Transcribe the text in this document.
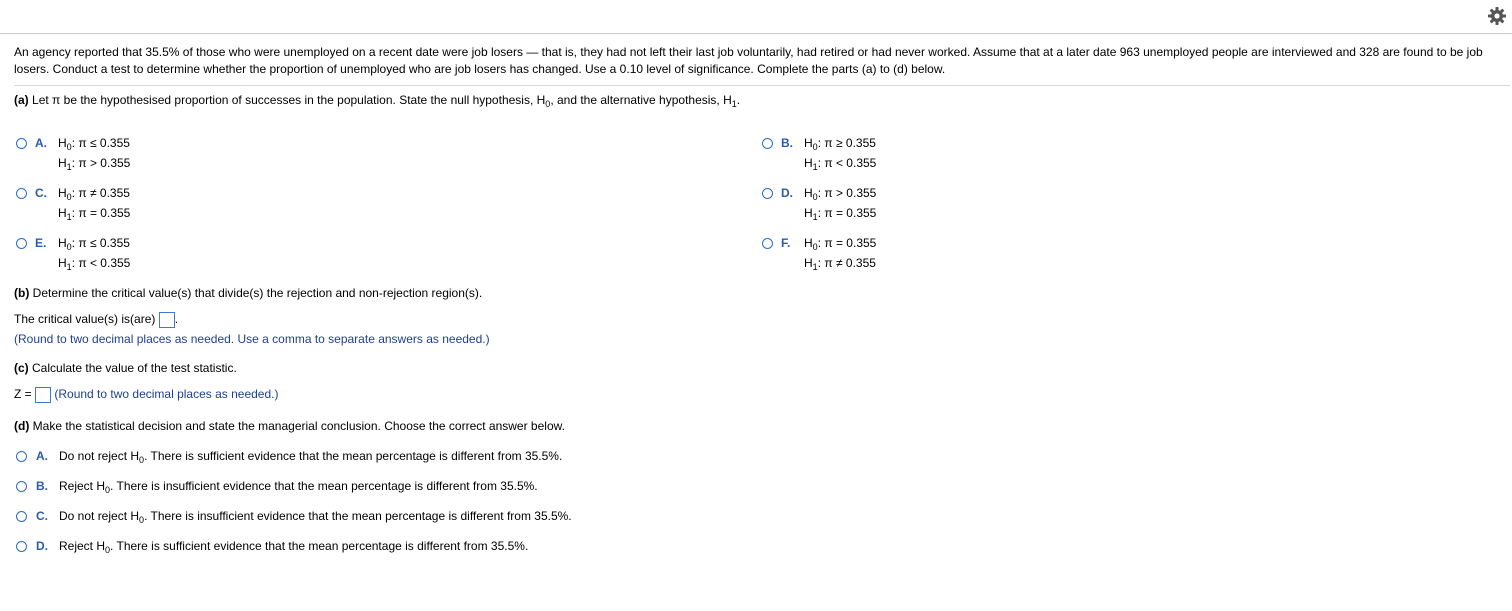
An agency reported that 35.5% of those who were unemployed on a recent date were job losers — that is, they had not left their last job voluntarily, had retired or had never worked. Assume that at a later date 963 unemployed people are interviewed and 328 are found to be job losers. Conduct a test to determine whether the proportion of unemployed who are job losers has changed. Use a 0.10 level of significance. Complete the parts (a) to (d) below.
(a) Let π be the hypothesised proportion of successes in the population. State the null hypothesis, $H_0$, and the alternative hypothesis, $H_1$.
A. $H_0$: π ≤ 0.355
$H_1$: π > 0.355
B. $H_0$: π ≥ 0.355
$H_1$: π < 0.355
C. $H_0$: π ≠ 0.355
$H_1$: π = 0.355
D. $H_0$: π > 0.355
$H_1$: π = 0.355
E. $H_0$: π ≤ 0.355
$H_1$: π < 0.355
F. $H_0$: π = 0.355
$H_1$: π ≠ 0.355
(b) Determine the critical value(s) that divide(s) the rejection and non-rejection region(s).
The critical value(s) is(are) .
(Round to two decimal places as needed. Use a comma to separate answers as needed.)
(c) Calculate the value of the test statistic.
Z = (Round to two decimal places as needed.)
(d) Make the statistical decision and state the managerial conclusion. Choose the correct answer below.
A. Do not reject $H_0$. There is sufficient evidence that the mean percentage is different from 35.5%.
B. Reject $H_0$. There is insufficient evidence that the mean percentage is different from 35.5%.
C. Do not reject $H_0$. There is insufficient evidence that the mean percentage is different from 35.5%.
D. Reject $H_0$. There is sufficient evidence that the mean percentage is different from 35.5%.
